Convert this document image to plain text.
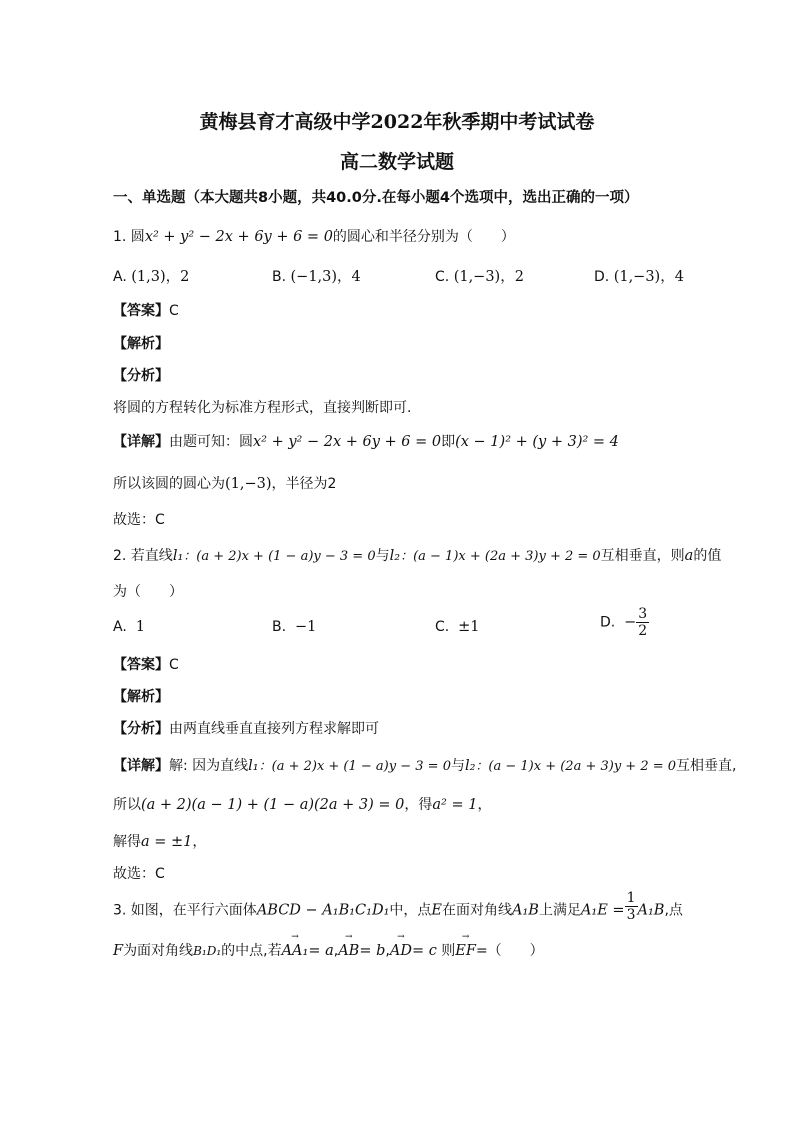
黄梅县育才高级中学2022年秋季期中考试试卷
高二数学试题
一、单选题（本大题共8小题，共40.0分.在每小题4个选项中，选出正确的一项）
1. 圆x² + y² − 2x + 6y + 6 = 0的圆心和半径分别为（　　）
A. (1,3)，2	B. (−1,3)，4	C. (1,−3)，2	D. (1,−3)，4
【答案】C
【解析】
【分析】
将圆的方程转化为标准方程形式，直接判断即可.
【详解】由题可知：圆x² + y² − 2x + 6y + 6 = 0即(x − 1)² + (y + 3)² = 4
所以该圆的圆心为(1,−3)，半径为2
故选：C
2. 若直线l₁：(a + 2)x + (1 − a)y − 3 = 0与l₂：(a − 1)x + (2a + 3)y + 2 = 0互相垂直，则a的值
为（　　）
A. 1	B. −1	C. ±1	D. − $\frac{3}{2}$
【答案】C
【解析】
【分析】由两直线垂直直接列方程求解即可
【详解】解: 因为直线l₁：(a + 2)x + (1 − a)y − 3 = 0与l₂：(a − 1)x + (2a + 3)y + 2 = 0互相垂直,
所以(a + 2)(a − 1) + (1 − a)(2a + 3) = 0，得a² = 1，
解得a = ±1，
故选：C
3. 如图，在平行六面体ABCD − A₁B₁C₁D₁中，点E在面对角线A₁B上满足$A_1E = \frac{1}{3} A_1B$,点
F为面对角线B₁D₁的中点,若→ AA₁= a,→ AB= b,→ AD= c 则→ EF=（　　）
